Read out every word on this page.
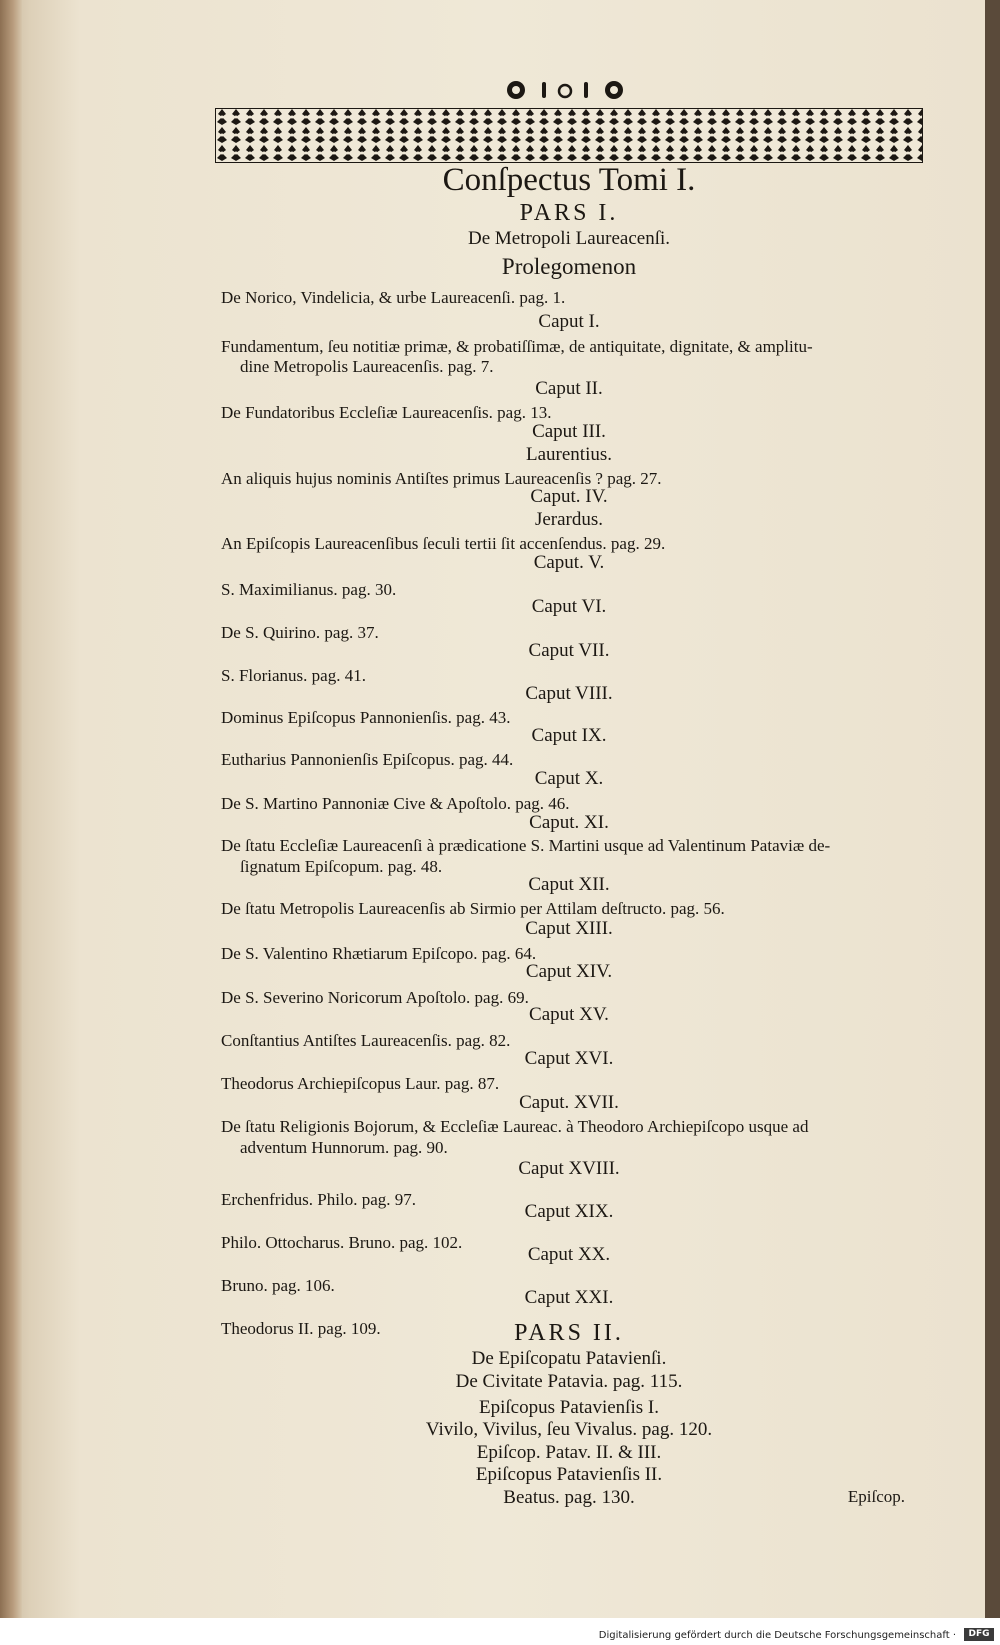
Conſpectus Tomi I.
PARS I.
De Metropoli Laureacenſi.
Prolegomenon
De Norico, Vindelicia, & urbe Laureacenſi. pag. 1.
Caput I.
Fundamentum, ſeu notitiæ primæ, & probatiſſimæ, de antiquitate, dignitate, & amplitu-
dine Metropolis Laureacenſis. pag. 7.
Caput II.
De Fundatoribus Eccleſiæ Laureacenſis. pag. 13.
Caput III.
Laurentius.
An aliquis hujus nominis Antiſtes primus Laureacenſis ? pag. 27.
Caput. IV.
Jerardus.
An Epiſcopis Laureacenſibus ſeculi tertii ſit accenſendus. pag. 29.
Caput. V.
S. Maximilianus. pag. 30.
Caput VI.
De S. Quirino. pag. 37.
Caput VII.
S. Florianus. pag. 41.
Caput VIII.
Dominus Epiſcopus Pannonienſis. pag. 43.
Caput IX.
Eutharius Pannonienſis Epiſcopus. pag. 44.
Caput X.
De S. Martino Pannoniæ Cive & Apoſtolo. pag. 46.
Caput. XI.
De ſtatu Eccleſiæ Laureacenſi à prædicatione S. Martini usque ad Valentinum Pataviæ de-
ſignatum Epiſcopum. pag. 48.
Caput XII.
De ſtatu Metropolis Laureacenſis ab Sirmio per Attilam deſtructo. pag. 56.
Caput XIII.
De S. Valentino Rhætiarum Epiſcopo. pag. 64.
Caput XIV.
De S. Severino Noricorum Apoſtolo. pag. 69.
Caput XV.
Conſtantius Antiſtes Laureacenſis. pag. 82.
Caput XVI.
Theodorus Archiepiſcopus Laur. pag. 87.
Caput. XVII.
De ſtatu Religionis Bojorum, & Eccleſiæ Laureac. à Theodoro Archiepiſcopo usque ad
adventum Hunnorum. pag. 90.
Caput XVIII.
Erchenfridus. Philo. pag. 97.
Caput XIX.
Philo. Ottocharus. Bruno. pag. 102.
Caput XX.
Bruno. pag. 106.
Caput XXI.
Theodorus II. pag. 109.	PARS II.
De Epiſcopatu Patavienſi.
De Civitate Patavia. pag. 115.
Epiſcopus Patavienſis I.
Vivilo, Vivilus, ſeu Vivalus. pag. 120.
Epiſcop. Patav. II. & III.
Epiſcopus Patavienſis II.
Beatus. pag. 130.	Epiſcop.
Digitalisierung gefördert durch die Deutsche Forschungsgemeinschaft ·	DFG
